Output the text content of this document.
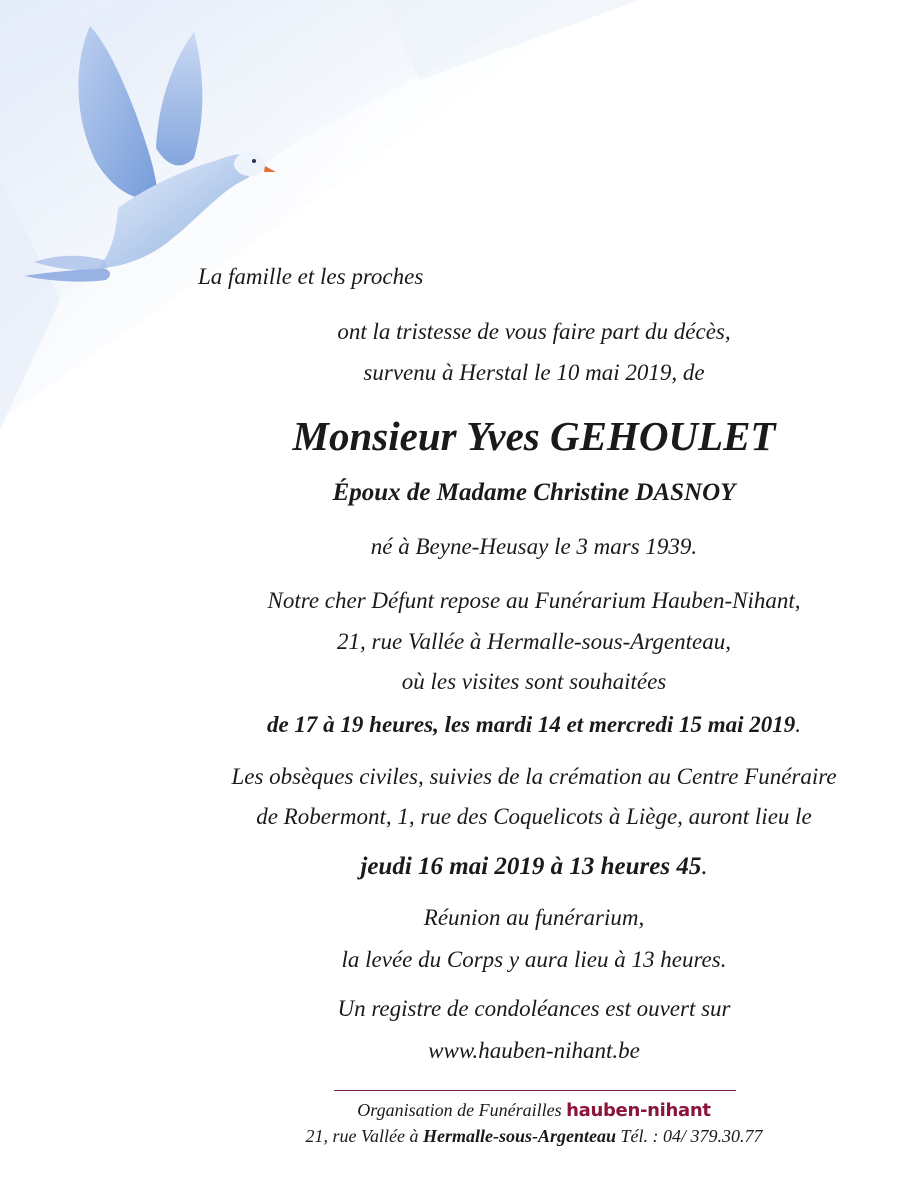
La famille et les proches
ont la tristesse de vous faire part du décès,
survenu à Herstal le 10 mai 2019, de
Monsieur Yves GEHOULET
Époux de Madame Christine DASNOY
né à Beyne-Heusay le 3 mars 1939.
Notre cher Défunt repose au Funérarium Hauben-Nihant,
21, rue Vallée à Hermalle-sous-Argenteau,
où les visites sont souhaitées
de 17 à 19 heures, les mardi 14 et mercredi 15 mai 2019.
Les obsèques civiles, suivies de la crémation au Centre Funéraire
de Robermont, 1, rue des Coquelicots à Liège, auront lieu le
jeudi 16 mai 2019 à 13 heures 45.
Réunion au funérarium,
la levée du Corps y aura lieu à 13 heures.
Un registre de condoléances est ouvert sur
www.hauben-nihant.be
Organisation de Funérailles hauben-nihant
21, rue Vallée à Hermalle-sous-Argenteau Tél. : 04/ 379.30.77
